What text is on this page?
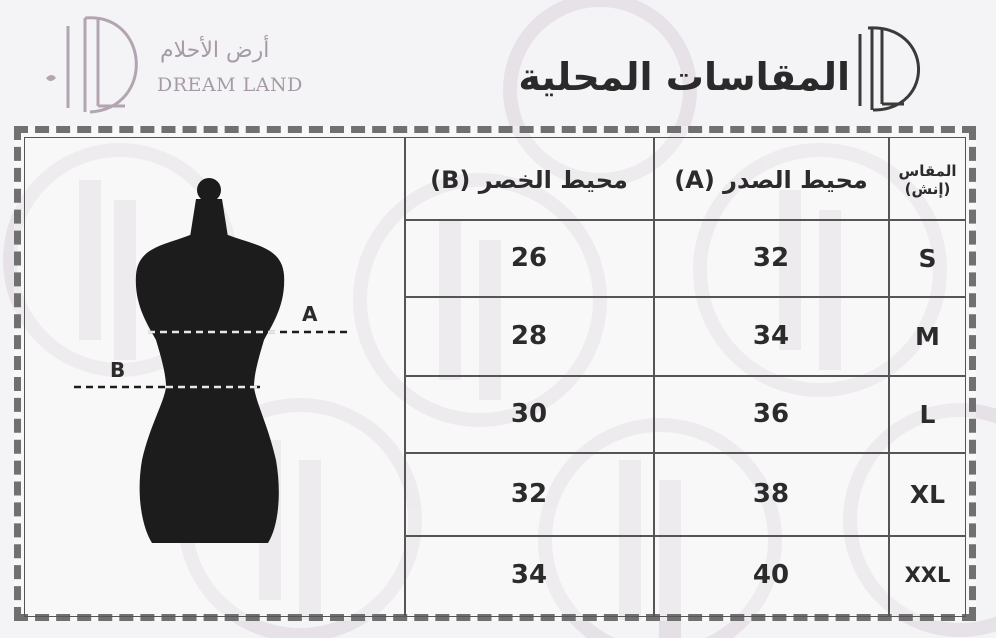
أرض الأحلام
DREAM LAND	المقاسات المحلية
محيط الخصر (B)	محيط الصدر (A)	المقاس
(إنش)
26	32	S
28	34	M
30	36	L
32	38	XL
34	40	XXL
A
B
